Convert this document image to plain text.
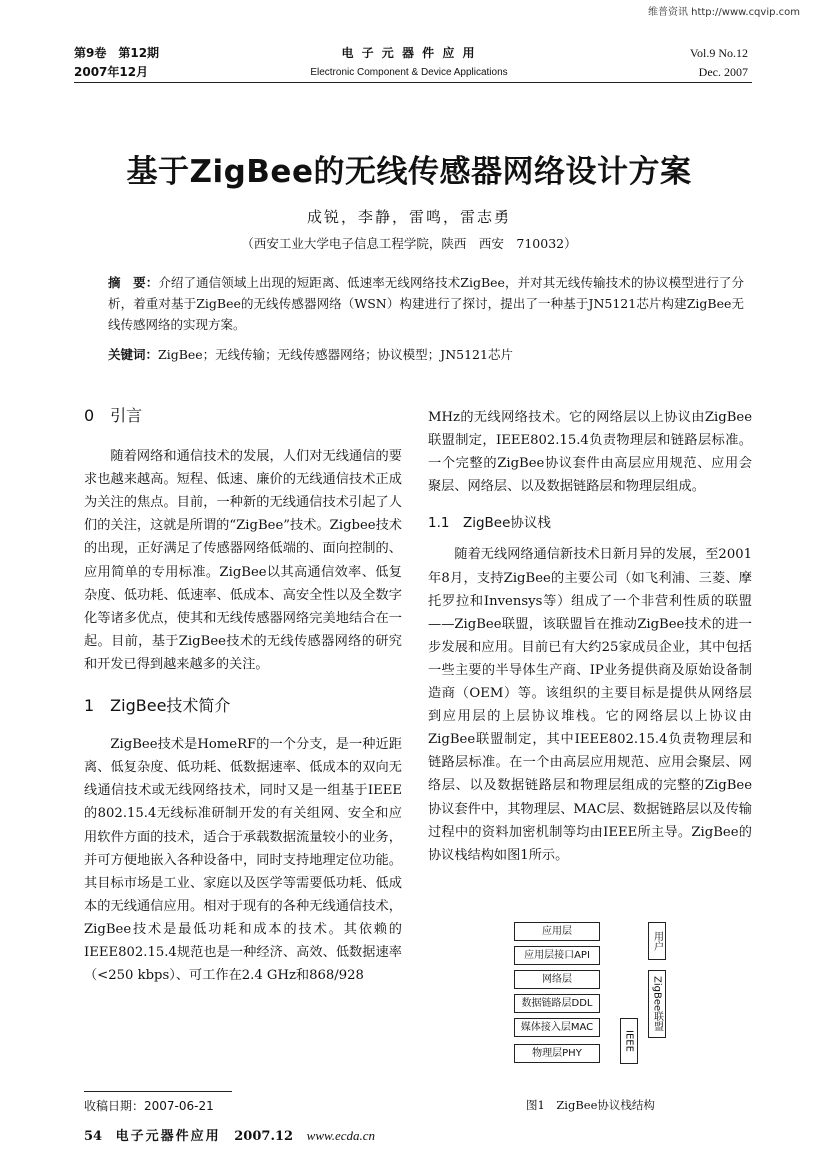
维普资讯 http://www.cqvip.com
第9卷　第12期
2007年12月
电 子 元 器 件 应 用
Electronic Component & Device Applications
Vol.9 No.12
Dec. 2007
基于ZigBee的无线传感器网络设计方案
成锐，李静，雷鸣，雷志勇
（西安工业大学电子信息工程学院，陕西　西安　710032）
摘　要：介绍了通信领域上出现的短距离、低速率无线网络技术ZigBee，并对其无线传输技术的协议模型进行了分析，着重对基于ZigBee的无线传感器网络（WSN）构建进行了探讨，提出了一种基于JN5121芯片构建ZigBee无线传感网络的实现方案。
关键词：ZigBee；无线传输；无线传感器网络；协议模型；JN5121芯片
0　引言

随着网络和通信技术的发展，人们对无线通信的要求也越来越高。短程、低速、廉价的无线通信技术正成为关注的焦点。目前，一种新的无线通信技术引起了人们的关注，这就是所谓的“ZigBee”技术。Zigbee技术的出现，正好满足了传感器网络低端的、面向控制的、应用简单的专用标准。ZigBee以其高通信效率、低复杂度、低功耗、低速率、低成本、高安全性以及全数字化等诸多优点，使其和无线传感器网络完美地结合在一起。目前，基于ZigBee技术的无线传感器网络的研究和开发已得到越来越多的关注。

1　ZigBee技术简介

ZigBee技术是HomeRF的一个分支，是一种近距离、低复杂度、低功耗、低数据速率、低成本的双向无线通信技术或无线网络技术，同时又是一组基于IEEE的802.15.4无线标准研制开发的有关组网、安全和应用软件方面的技术，适合于承载数据流量较小的业务，并可方便地嵌入各种设备中，同时支持地理定位功能。其目标市场是工业、家庭以及医学等需要低功耗、低成本的无线通信应用。相对于现有的各种无线通信技术，ZigBee技术是最低功耗和成本的技术。其依赖的IEEE802.15.4规范也是一种经济、高效、低数据速率（<250 kbps）、可工作在2.4 GHz和868/928

MHz的无线网络技术。它的网络层以上协议由ZigBee联盟制定，IEEE802.15.4负责物理层和链路层标准。一个完整的ZigBee协议套件由高层应用规范、应用会聚层、网络层、以及数据链路层和物理层组成。

1.1　ZigBee协议栈

随着无线网络通信新技术日新月异的发展，至2001年8月，支持ZigBee的主要公司（如飞利浦、三菱、摩托罗拉和Invensys等）组成了一个非营利性质的联盟——ZigBee联盟，该联盟旨在推动ZigBee技术的进一步发展和应用。目前已有大约25家成员企业，其中包括一些主要的半导体生产商、IP业务提供商及原始设备制造商（OEM）等。该组织的主要目标是提供从网络层到应用层的上层协议堆栈。它的网络层以上协议由ZigBee联盟制定，其中IEEE802.15.4负责物理层和链路层标准。在一个由高层应用规范、应用会聚层、网络层、以及数据链路层和物理层组成的完整的ZigBee协议套件中，其物理层、MAC层、数据链路层以及传输过程中的资料加密机制等均由IEEE所主导。ZigBee的协议栈结构如图1所示。

应用层
应用层接口API
网络层
数据链路层DDL
媒体接入层MAC
物理层PHY
用户
ZigBee联盟
IEEE
收稿日期：2007-06-21	图1　ZigBee协议栈结构
54 电子元器件应用 2007.12 www.ecda.cn
